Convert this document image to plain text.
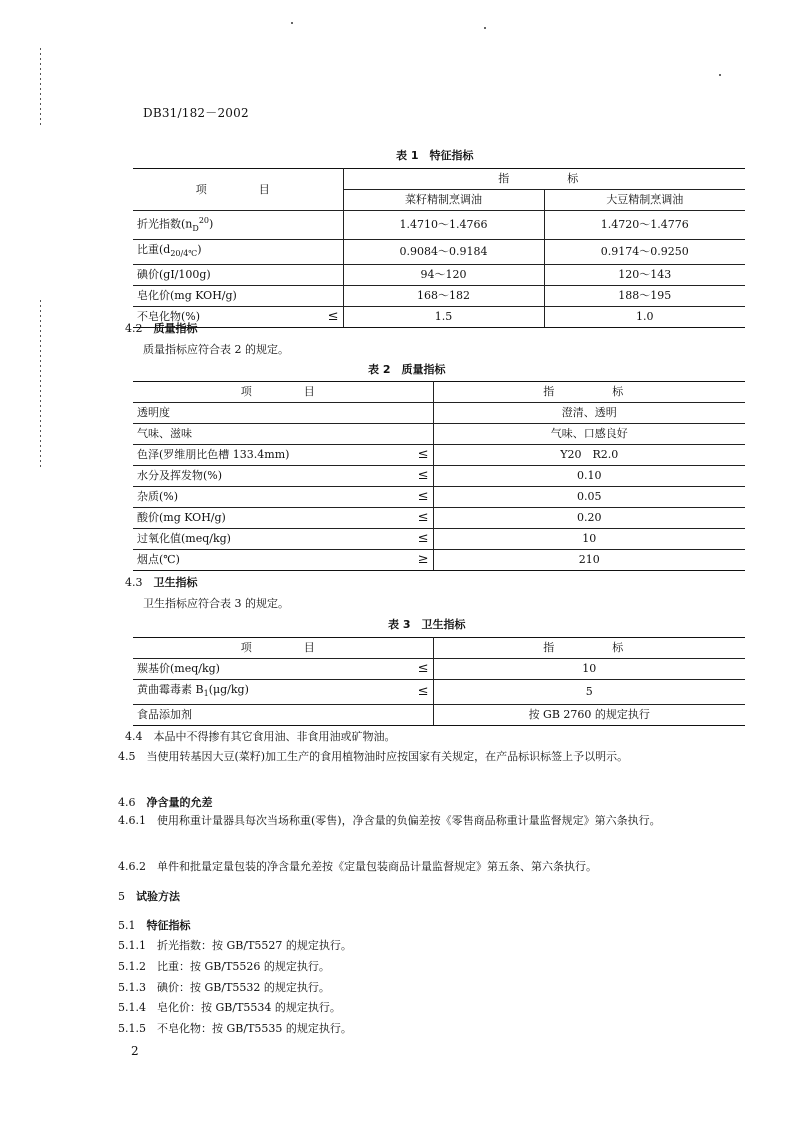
DB31/182－2002
表 1　特征指标
项　　目		指　　标	
		菜籽精制烹调油	大豆精制烹调油
折光指数$(n_D^{20})$		1.4710～1.4766	1.4720～1.4776
比重$(d_{20/4℃})$		0.9084～0.9184	0.9174～0.9250
碘价(gI/100g)		94～120	120～143
皂化价(mg KOH/g)		168～182	188～195
不皂化物(%)	≤	1.5	1.0
4.2　 质量指标
质量指标应符合表 2 的规定。
表 2　质量指标
项　　目		指　　标
透明度		澄清、透明
气味、滋味		气味、口感良好
色泽(罗维朋比色槽 133.4mm)	≤	Y20　R2.0
水分及挥发物(%)	≤	0.10
杂质(%)	≤	0.05
酸价(mg KOH/g)	≤	0.20
过氧化值(meq/kg)	≤	10
烟点(℃)	≥	210
4.3　 卫生指标
卫生指标应符合表 3 的规定。
表 3　卫生指标
项　　目		指　　标
羰基价(meq/kg)	≤	10
黄曲霉毒素 $B_1(\mu g/kg)$	≤	5
食品添加剂		按 GB 2760 的规定执行
4.4　 本品中不得掺有其它食用油、非食用油或矿物油。
4.5　 当使用转基因大豆(菜籽)加工生产的食用植物油时应按国家有关规定，在产品标识标签上予以明示。
4.6　 净含量的允差
4.6.1　 使用称重计量器具每次当场称重(零售)，净含量的负偏差按《零售商品称重计量监督规定》第六条执行。
4.6.2　 单件和批量定量包装的净含量允差按《定量包装商品计量监督规定》第五条、第六条执行。
5　 试验方法
5.1　 特征指标
5.1.1　 折光指数：按 GB/T5527 的规定执行。
5.1.2　 比重：按 GB/T5526 的规定执行。
5.1.3　 碘价：按 GB/T5532 的规定执行。
5.1.4　 皂化价：按 GB/T5534 的规定执行。
5.1.5　 不皂化物：按 GB/T5535 的规定执行。
2
